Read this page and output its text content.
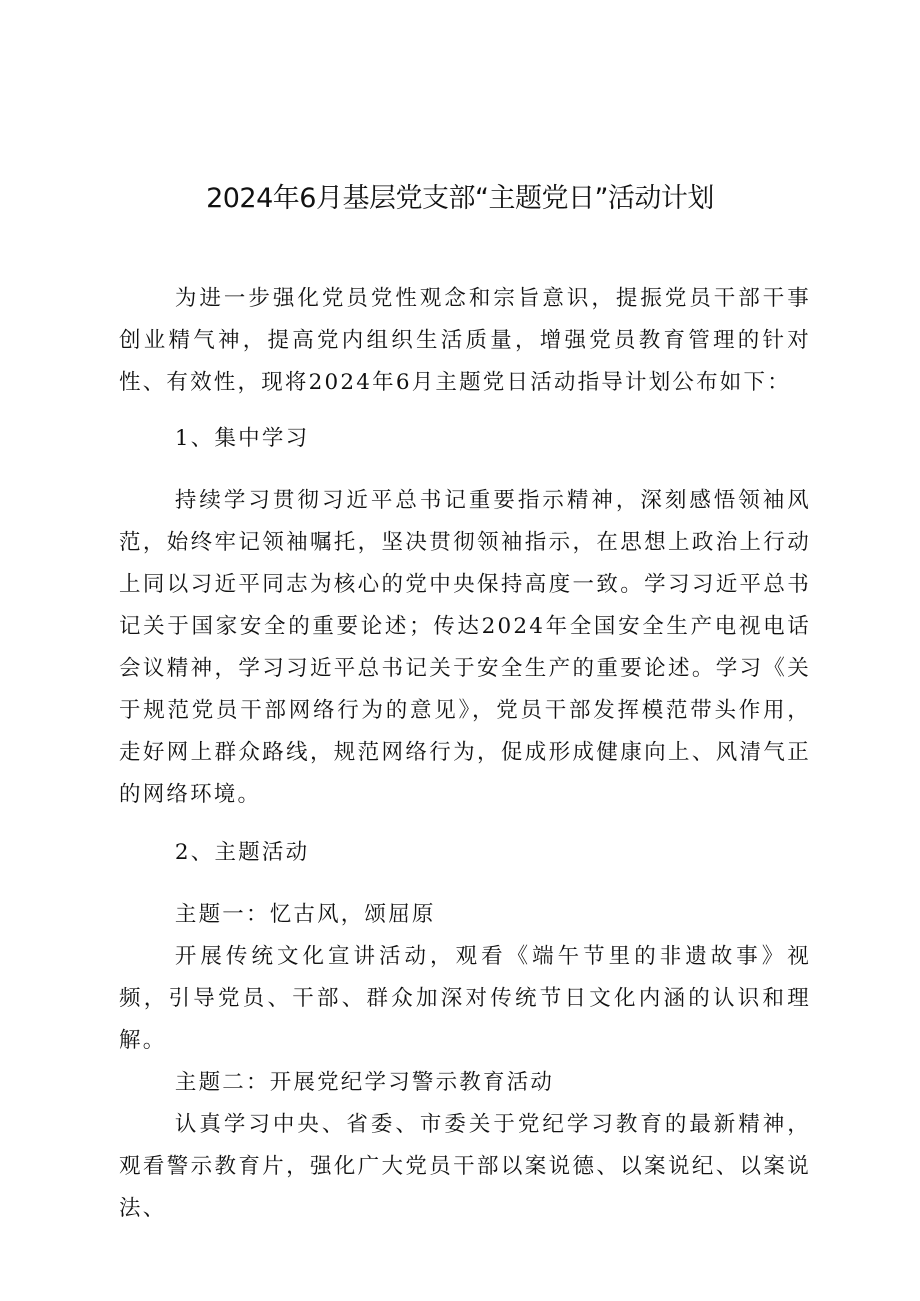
2024年6月基层党支部“主题党日”活动计划

为进一步强化党员党性观念和宗旨意识，提振党员干部干事创业精气神，提高党内组织生活质量，增强党员教育管理的针对性、有效性，现将2024年6月主题党日活动指导计划公布如下：

1、集中学习

持续学习贯彻习近平总书记重要指示精神，深刻感悟领袖风范，始终牢记领袖嘱托，坚决贯彻领袖指示，在思想上政治上行动上同以习近平同志为核心的党中央保持高度一致。学习习近平总书记关于国家安全的重要论述；传达2024年全国安全生产电视电话会议精神，学习习近平总书记关于安全生产的重要论述。学习《关于规范党员干部网络行为的意见》，党员干部发挥模范带头作用，走好网上群众路线，规范网络行为，促成形成健康向上、风清气正的网络环境。

2、主题活动

主题一：忆古风，颂屈原

开展传统文化宣讲活动，观看《端午节里的非遗故事》视频，引导党员、干部、群众加深对传统节日文化内涵的认识和理解。

主题二：开展党纪学习警示教育活动

认真学习中央、省委、市委关于党纪学习教育的最新精神，观看警示教育片，强化广大党员干部以案说德、以案说纪、以案说法、
